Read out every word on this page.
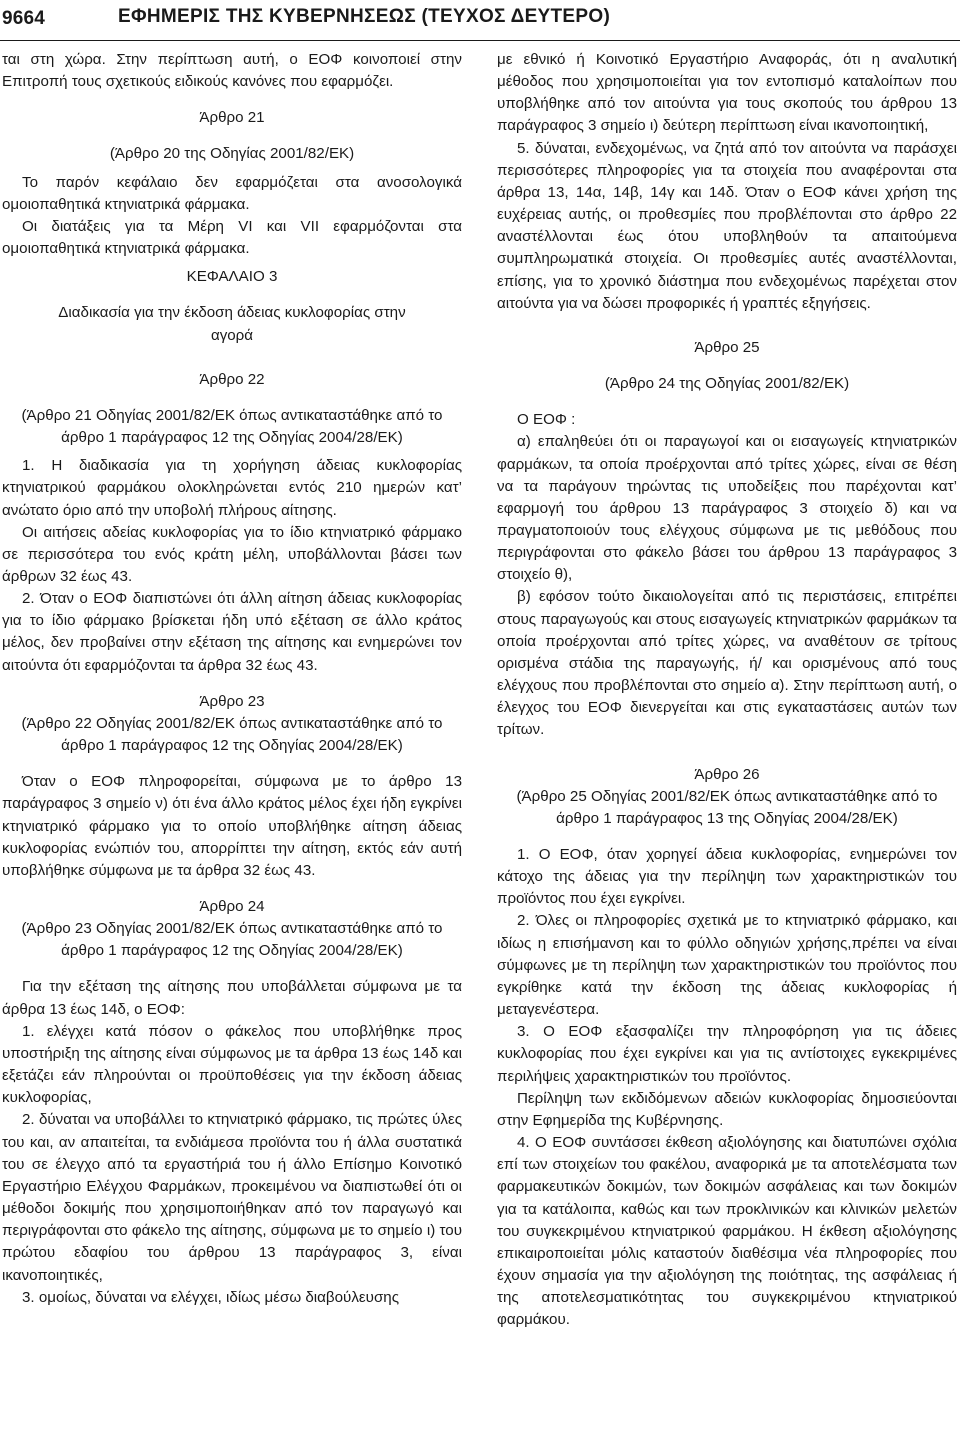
9664	ΕΦΗΜΕΡΙΣ ΤΗΣ ΚΥΒΕΡΝΗΣΕΩΣ (ΤΕΥΧΟΣ ΔΕΥΤΕΡΟ)

ται στη χώρα. Στην περίπτωση αυτή, ο ΕΟΦ κοινοποιεί στην Επιτροπή τους σχετικούς ειδικούς κανόνες που εφαρμόζει.

Άρθρο 21

(Άρθρο 20 της Οδηγίας 2001/82/ΕΚ)

Το παρόν κεφάλαιο δεν εφαρμόζεται στα ανοσολογικά ομοιοπαθητικά κτηνιατρικά φάρμακα.

Οι διατάξεις για τα Μέρη VI και VII εφαρμόζονται στα ομοιοπαθητικά κτηνιατρικά φάρμακα.

ΚΕΦΑΛΑΙΟ 3

Διαδικασία για την έκδοση άδειας κυκλοφορίας στην αγορά

Άρθρο 22

(Άρθρο 21 Οδηγίας 2001/82/ΕΚ όπως αντικαταστάθηκε από το άρθρο 1 παράγραφος 12 της Οδηγίας 2004/28/ΕΚ)

1. Η διαδικασία για τη χορήγηση άδειας κυκλοφορίας κτηνιατρικού φαρμάκου ολοκληρώνεται εντός 210 ημερών κατ’ ανώτατο όριο από την υποβολή πλήρους αίτησης.

Οι αιτήσεις αδείας κυκλοφορίας για το ίδιο κτηνιατρικό φάρμακο σε περισσότερα του ενός κράτη μέλη, υποβάλλονται βάσει των άρθρων 32 έως 43.

2. Όταν ο ΕΟΦ διαπιστώνει ότι άλλη αίτηση άδειας κυκλοφορίας για το ίδιο φάρμακο βρίσκεται ήδη υπό εξέταση σε άλλο κράτος μέλος, δεν προβαίνει στην εξέταση της αίτησης και ενημερώνει τον αιτούντα ότι εφαρμόζονται τα άρθρα 32 έως 43.

Άρθρο 23

(Άρθρο 22 Οδηγίας 2001/82/ΕΚ όπως αντικαταστάθηκε από το άρθρο 1 παράγραφος 12 της Οδηγίας 2004/28/ΕΚ)

Όταν ο ΕΟΦ πληροφορείται, σύμφωνα με το άρθρο 13 παράγραφος 3 σημείο ν) ότι ένα άλλο κράτος μέλος έχει ήδη εγκρίνει κτηνιατρικό φάρμακο για το οποίο υποβλήθηκε αίτηση άδειας κυκλοφορίας ενώπιόν του, απορρίπτει την αίτηση, εκτός εάν αυτή υποβλήθηκε σύμφωνα με τα άρθρα 32 έως 43.

Άρθρο 24

(Άρθρο 23 Οδηγίας 2001/82/ΕΚ όπως αντικαταστάθηκε από το άρθρο 1 παράγραφος 12 της Οδηγίας 2004/28/ΕΚ)

Για την εξέταση της αίτησης που υποβάλλεται σύμφωνα με τα άρθρα 13 έως 14δ, ο ΕΟΦ:

1. ελέγχει κατά πόσον ο φάκελος που υποβλήθηκε προς υποστήριξη της αίτησης είναι σύμφωνος με τα άρθρα 13 έως 14δ και εξετάζει εάν πληρούνται οι προϋποθέσεις για την έκδοση άδειας κυκλοφορίας,

2. δύναται να υποβάλλει το κτηνιατρικό φάρμακο, τις πρώτες ύλες του και, αν απαιτείται, τα ενδιάμεσα προϊόντα του ή άλλα συστατικά του σε έλεγχο από τα εργαστήριά του ή άλλο Επίσημο Κοινοτικό Εργαστήριο Ελέγχου Φαρμάκων, προκειμένου να διαπιστωθεί ότι οι μέθοδοι δοκιμής που χρησιμοποιήθηκαν από τον παραγωγό και περιγράφονται στο φάκελο της αίτησης, σύμφωνα με το σημείο ι) του πρώτου εδαφίου του άρθρου 13 παράγραφος 3, είναι ικανοποιητικές,

3. ομοίως, δύναται να ελέγχει, ιδίως μέσω διαβούλευσης

με εθνικό ή Κοινοτικό Εργαστήριο Αναφοράς, ότι η αναλυτική μέθοδος που χρησιμοποιείται για τον εντοπισμό καταλοίπων που υποβλήθηκε από τον αιτούντα για τους σκοπούς του άρθρου 13 παράγραφος 3 σημείο ι) δεύτερη περίπτωση είναι ικανοποιητική,

5. δύναται, ενδεχομένως, να ζητά από τον αιτούντα να παράσχει περισσότερες πληροφορίες για τα στοιχεία που αναφέρονται στα άρθρα 13, 14α, 14β, 14γ και 14δ. Όταν ο ΕΟΦ κάνει χρήση της ευχέρειας αυτής, οι προθεσμίες που προβλέπονται στο άρθρο 22 αναστέλλονται έως ότου υποβληθούν τα απαιτούμενα συμπληρωματικά στοιχεία. Οι προθεσμίες αυτές αναστέλλονται, επίσης, για το χρονικό διάστημα που ενδεχομένως παρέχεται στον αιτούντα για να δώσει προφορικές ή γραπτές εξηγήσεις.

Άρθρο 25

(Άρθρο 24 της Οδηγίας 2001/82/ΕΚ)

Ο ΕΟΦ :

α) επαληθεύει ότι οι παραγωγοί και οι εισαγωγείς κτηνιατρικών φαρμάκων, τα οποία προέρχονται από τρίτες χώρες, είναι σε θέση να τα παράγουν τηρώντας τις υποδείξεις που παρέχονται κατ’ εφαρμογή του άρθρου 13 παράγραφος 3 στοιχείο δ) και να πραγματοποιούν τους ελέγχους σύμφωνα με τις μεθόδους που περιγράφονται στο φάκελο βάσει του άρθρου 13 παράγραφος 3 στοιχείο θ),

β) εφόσον τούτο δικαιολογείται από τις περιστάσεις, επιτρέπει στους παραγωγούς και στους εισαγωγείς κτηνιατρικών φαρμάκων τα οποία προέρχονται από τρίτες χώρες, να αναθέτουν σε τρίτους ορισμένα στάδια της παραγωγής, ή/ και ορισμένους από τους ελέγχους που προβλέπονται στο σημείο α). Στην περίπτωση αυτή, ο έλεγχος του ΕΟΦ διενεργείται και στις εγκαταστάσεις αυτών των τρίτων.

Άρθρο 26

(Άρθρο 25 Οδηγίας 2001/82/ΕΚ όπως αντικαταστάθηκε από το άρθρο 1 παράγραφος 13 της Οδηγίας 2004/28/ΕΚ)

1. Ο ΕΟΦ, όταν χορηγεί άδεια κυκλοφορίας, ενημερώνει τον κάτοχο της άδειας για την περίληψη των χαρακτηριστικών του προϊόντος που έχει εγκρίνει.

2. Όλες οι πληροφορίες σχετικά με το κτηνιατρικό φάρμακο, και ιδίως η επισήμανση και το φύλλο οδηγιών χρήσης,πρέπει να είναι σύμφωνες με τη περίληψη των χαρακτηριστικών του προϊόντος που εγκρίθηκε κατά την έκδοση της άδειας κυκλοφορίας ή μεταγενέστερα.

3. Ο ΕΟΦ εξασφαλίζει την πληροφόρηση για τις άδειες κυκλοφορίας που έχει εγκρίνει και για τις αντίστοιχες εγκεκριμένες περιλήψεις χαρακτηριστικών του προϊόντος.

Περίληψη των εκδιδόμενων αδειών κυκλοφορίας δημοσιεύονται στην Εφημερίδα της Κυβέρνησης.

4. Ο ΕΟΦ συντάσσει έκθεση αξιολόγησης και διατυπώνει σχόλια επί των στοιχείων του φακέλου, αναφορικά με τα αποτελέσματα των φαρμακευτικών δοκιμών, των δοκιμών ασφάλειας και των δοκιμών για τα κατάλοιπα, καθώς και των προκλινικών και κλινικών μελετών του συγκεκριμένου κτηνιατρικού φαρμάκου. Η έκθεση αξιολόγησης επικαιροποιείται μόλις καταστούν διαθέσιμα νέα πληροφορίες που έχουν σημασία για την αξιολόγηση της ποιότητας, της ασφάλειας ή της αποτελεσματικότητας του συγκεκριμένου κτηνιατρικού φαρμάκου.
